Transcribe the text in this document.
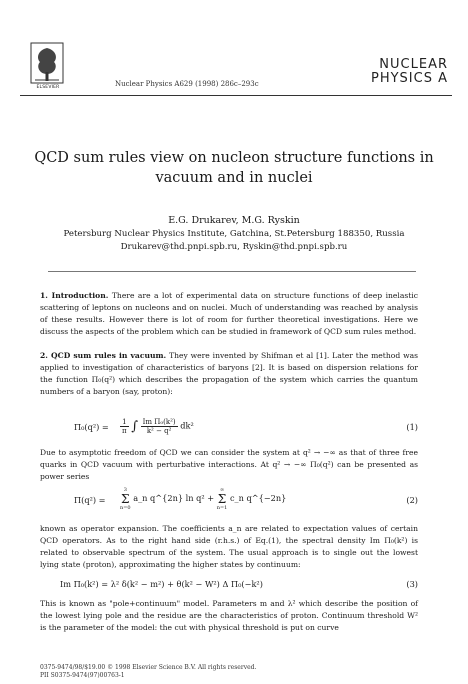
ELSEVIER	Nuclear Physics A629 (1998) 286c–293c
NUCLEAR
PHYSICS A
QCD sum rules view on nucleon structure functions in
vacuum and in nuclei
E.G. Drukarev, M.G. Ryskin
Petersburg Nuclear Physics Institute, Gatchina, St.Petersburg 188350, Russia
Drukarev@thd.pnpi.spb.ru, Ryskin@thd.pnpi.spb.ru
1. Introduction. There are a lot of experimental data on structure functions of deep inelastic scattering of leptons on nucleons and on nuclei. Much of understanding was reached by analysis of these results. However there is lot of room for further theoretical investigations. Here we discuss the aspects of the problem which can be studied in framework of QCD sum rules method.
2. QCD sum rules in vacuum. They were invented by Shifman et al [1]. Later the method was applied to investigation of characteristics of baryons [2]. It is based on dispersion relations for the function Π₀(q²) which describes the propagation of the system which carries the quantum numbers of a baryon (say, proton):
$\Pi_0(q^2) = \frac{1}{\pi}$ ∫ $\frac{\text{Im Π₀(k²)}}{\text{k² − q²}} dk^2$	(1)
Due to asymptotic freedom of QCD we can consider the system at q² → −∞ as that of three free quarks in QCD vacuum with perturbative interactions. At q² → −∞ Π₀(q²) can be presented as power series
Π(q²) =
3
Σ
n=0 a_n q^{2n} ln q² + ∞
Σ
n=1 c_n q^{−2n}	(2)
known as operator expansion. The coefficients a_n are related to expectation values of certain QCD operators. As to the right hand side (r.h.s.) of Eq.(1), the spectral density Im Π₀(k²) is related to observable spectrum of the system. The usual approach is to single out the lowest lying state (proton), approximating the higher states by continuum:
Im Π₀(k²) = λ² δ(k² − m²) + θ(k² − W²) Δ Π₀(−k²)	(3)
This is known as "pole+continuum" model. Parameters m and λ² which describe the position of the lowest lying pole and the residue are the characteristics of proton. Continuum threshold W² is the parameter of the model: the cut with physical threshold is put on curve
0375-9474/98/$19.00 © 1998 Elsevier Science B.V. All rights reserved.
PII S0375-9474(97)00763-1
